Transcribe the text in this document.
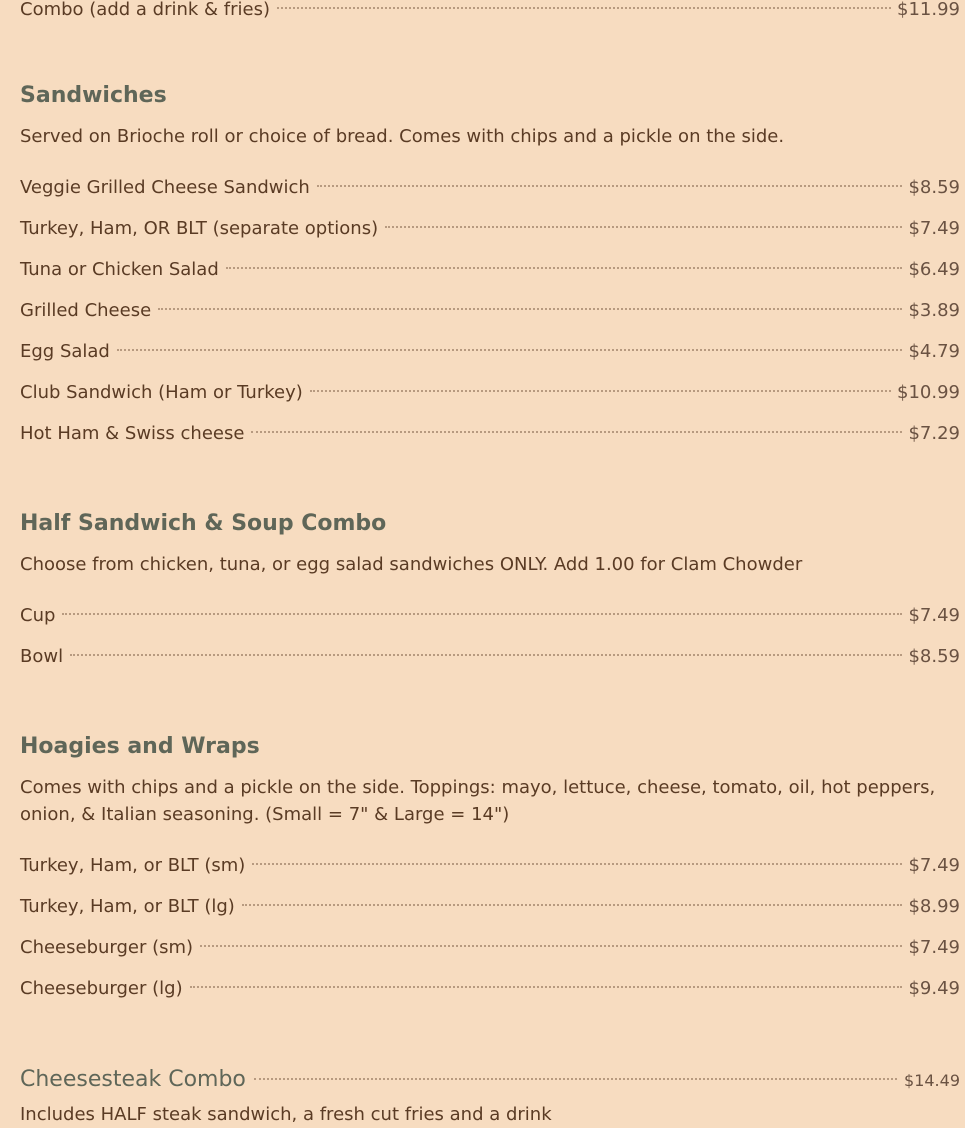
Combo (add a drink & fries)	$11.99
Sandwiches

Served on Brioche roll or choice of bread. Comes with chips and a pickle on the side.

Veggie Grilled Cheese Sandwich	$8.59
Turkey, Ham, OR BLT (separate options)	$7.49
Tuna or Chicken Salad	$6.49
Grilled Cheese	$3.89
Egg Salad	$4.79
Club Sandwich (Ham or Turkey)	$10.99
Hot Ham & Swiss cheese	$7.29
Half Sandwich & Soup Combo

Choose from chicken, tuna, or egg salad sandwiches ONLY. Add 1.00 for Clam Chowder

Cup	$7.49
Bowl	$8.59
Hoagies and Wraps

Comes with chips and a pickle on the side. Toppings: mayo, lettuce, cheese, tomato, oil, hot peppers, onion, & Italian seasoning. (Small = 7" & Large = 14")

Turkey, Ham, or BLT (sm)	$7.49
Turkey, Ham, or BLT (lg)	$8.99
Cheeseburger (sm)	$7.49
Cheeseburger (lg)	$9.49
Cheesesteak Combo	$14.49

Includes HALF steak sandwich, a fresh cut fries and a drink
